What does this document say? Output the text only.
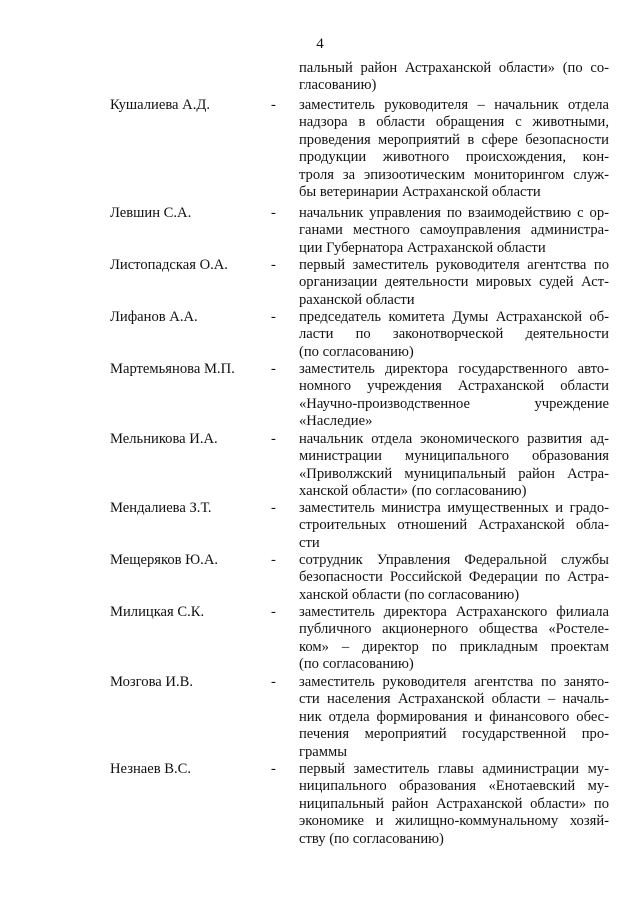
4
пальный район Астраханской области» (по со-
гласованию)
Кушалиева А.Д.	- заместитель руководителя – начальник отдела
надзора в области обращения с животными,
проведения мероприятий в сфере безопасности
продукции животного происхождения, кон-
троля за эпизоотическим мониторингом служ-
бы ветеринарии Астраханской области
Левшин С.А.	- начальник управления по взаимодействию с ор-
ганами местного самоуправления администра-
ции Губернатора Астраханской области
Листопадская О.А.	- первый заместитель руководителя агентства по
организации деятельности мировых судей Аст-
раханской области
Лифанов А.А.	- председатель комитета Думы Астраханской об-
ласти по законотворческой деятельности
(по согласованию)
Мартемьянова М.П. - заместитель директора государственного авто-
номного учреждения Астраханской области
«Научно-производственное учреждение
«Наследие»
Мельникова И.А.	- начальник отдела экономического развития ад-
министрации муниципального образования
«Приволжский муниципальный район Астра-
ханской области» (по согласованию)
Мендалиева З.Т.	- заместитель министра имущественных и градо-
строительных отношений Астраханской обла-
сти
Мещеряков Ю.А.	- сотрудник Управления Федеральной службы
безопасности Российской Федерации по Астра-
ханской области (по согласованию)
Милицкая С.К.	- заместитель директора Астраханского филиала
публичного акционерного общества «Ростеле-
ком» – директор по прикладным проектам
(по согласованию)
Мозгова И.В.	- заместитель руководителя агентства по занято-
сти населения Астраханской области – началь-
ник отдела формирования и финансового обес-
печения мероприятий государственной про-
граммы
Незнаев В.С.	- первый заместитель главы администрации му-
ниципального образования «Енотаевский му-
ниципальный район Астраханской области» по
экономике и жилищно-коммунальному хозяй-
ству (по согласованию)
